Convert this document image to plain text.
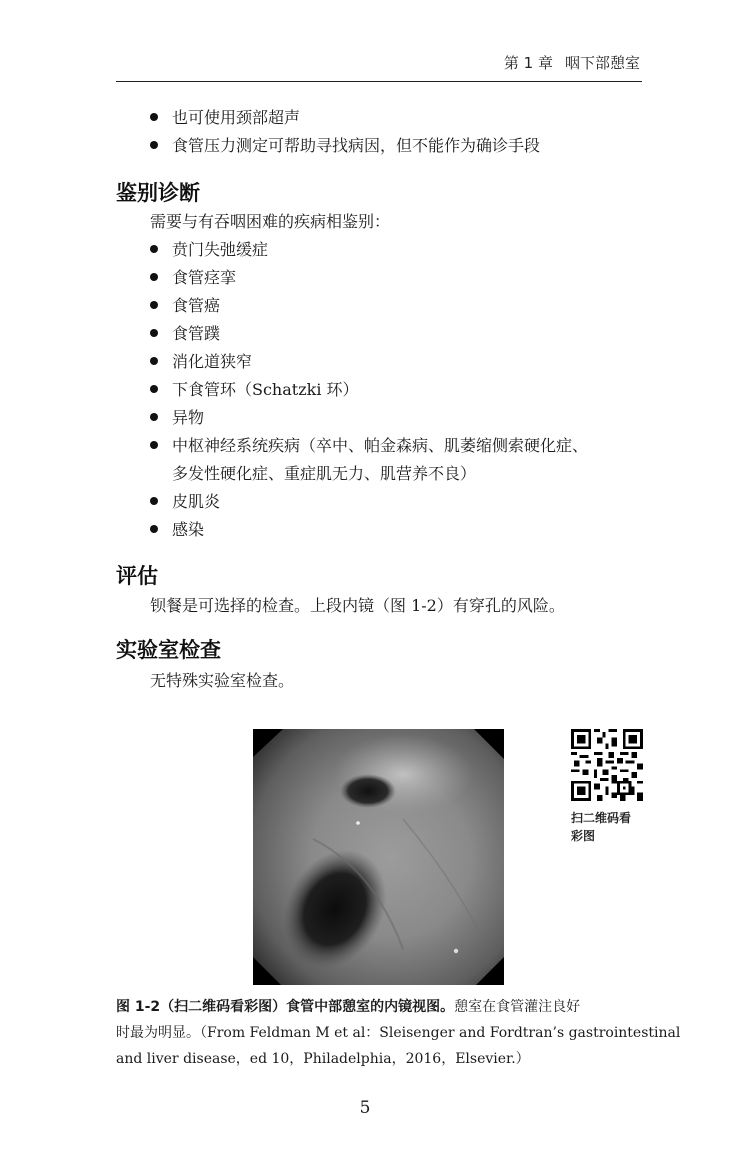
第 1 章 咽下部憩室
也可使用颈部超声
食管压力测定可帮助寻找病因，但不能作为确诊手段
鉴别诊断
需要与有吞咽困难的疾病相鉴别：
贲门失弛缓症
食管痉挛
食管癌
食管蹼
消化道狭窄
下食管环（Schatzki 环）
异物
中枢神经系统疾病（卒中、帕金森病、肌萎缩侧索硬化症、
多发性硬化症、重症肌无力、肌营养不良）
皮肌炎
感染
评估
钡餐是可选择的检查。上段内镜（图 1-2）有穿孔的风险。
实验室检查
无特殊实验室检查。
扫二维码看
彩图
图 1-2（扫二维码看彩图）食管中部憩室的内镜视图。憩室在食管灌注良好
时最为明显。（From Feldman M et al：Sleisenger and Fordtran’s gastrointestinal
and liver disease，ed 10，Philadelphia，2016，Elsevier.）
5
